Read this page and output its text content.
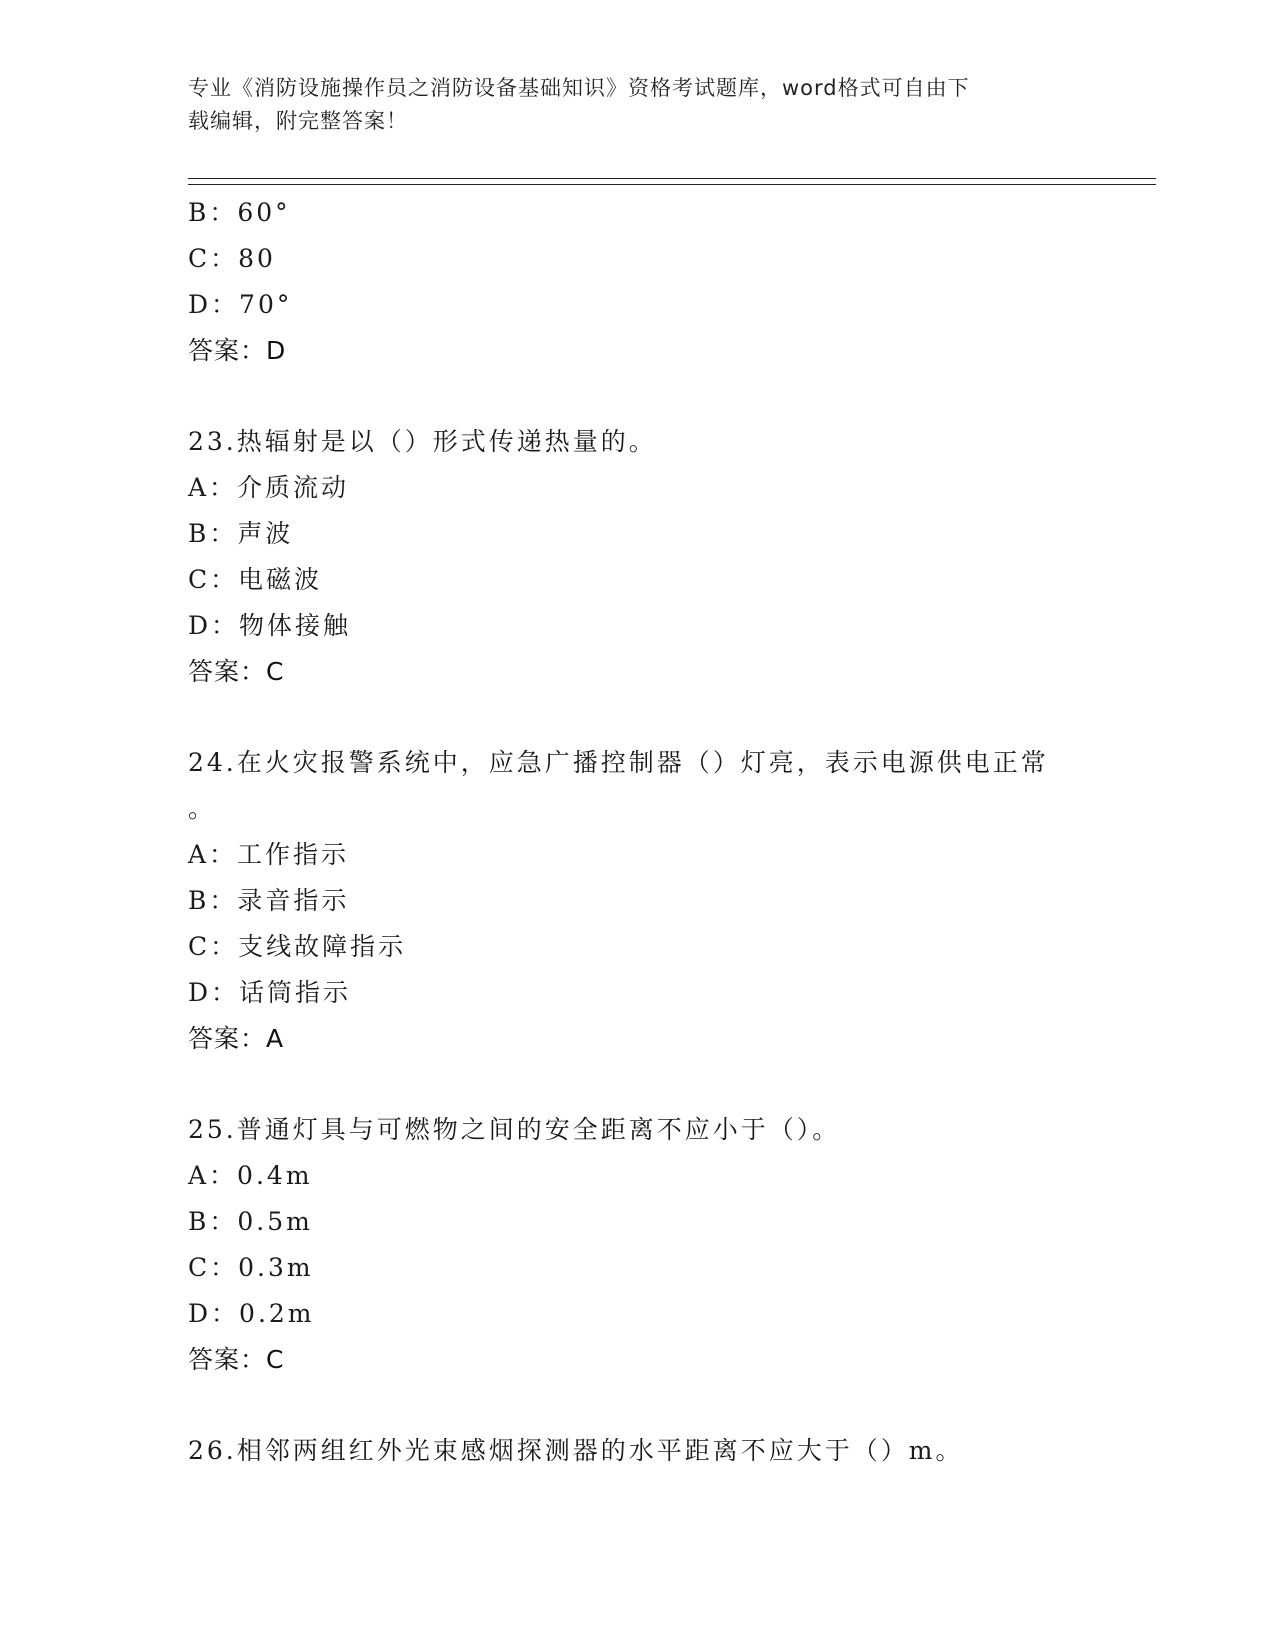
专业《消防设施操作员之消防设备基础知识》资格考试题库，word格式可自由下
载编辑，附完整答案！
B：60°
C：80
D：70°
答案：D
23.热辐射是以（）形式传递热量的。
A：介质流动
B：声波
C：电磁波
D：物体接触
答案：C
24.在火灾报警系统中，应急广播控制器（）灯亮，表示电源供电正常
。
A：工作指示
B：录音指示
C：支线故障指示
D：话筒指示
答案：A
25.普通灯具与可燃物之间的安全距离不应小于（）。
A：0.4m
B：0.5m
C：0.3m
D：0.2m
答案：C
26.相邻两组红外光束感烟探测器的水平距离不应大于（）m。
